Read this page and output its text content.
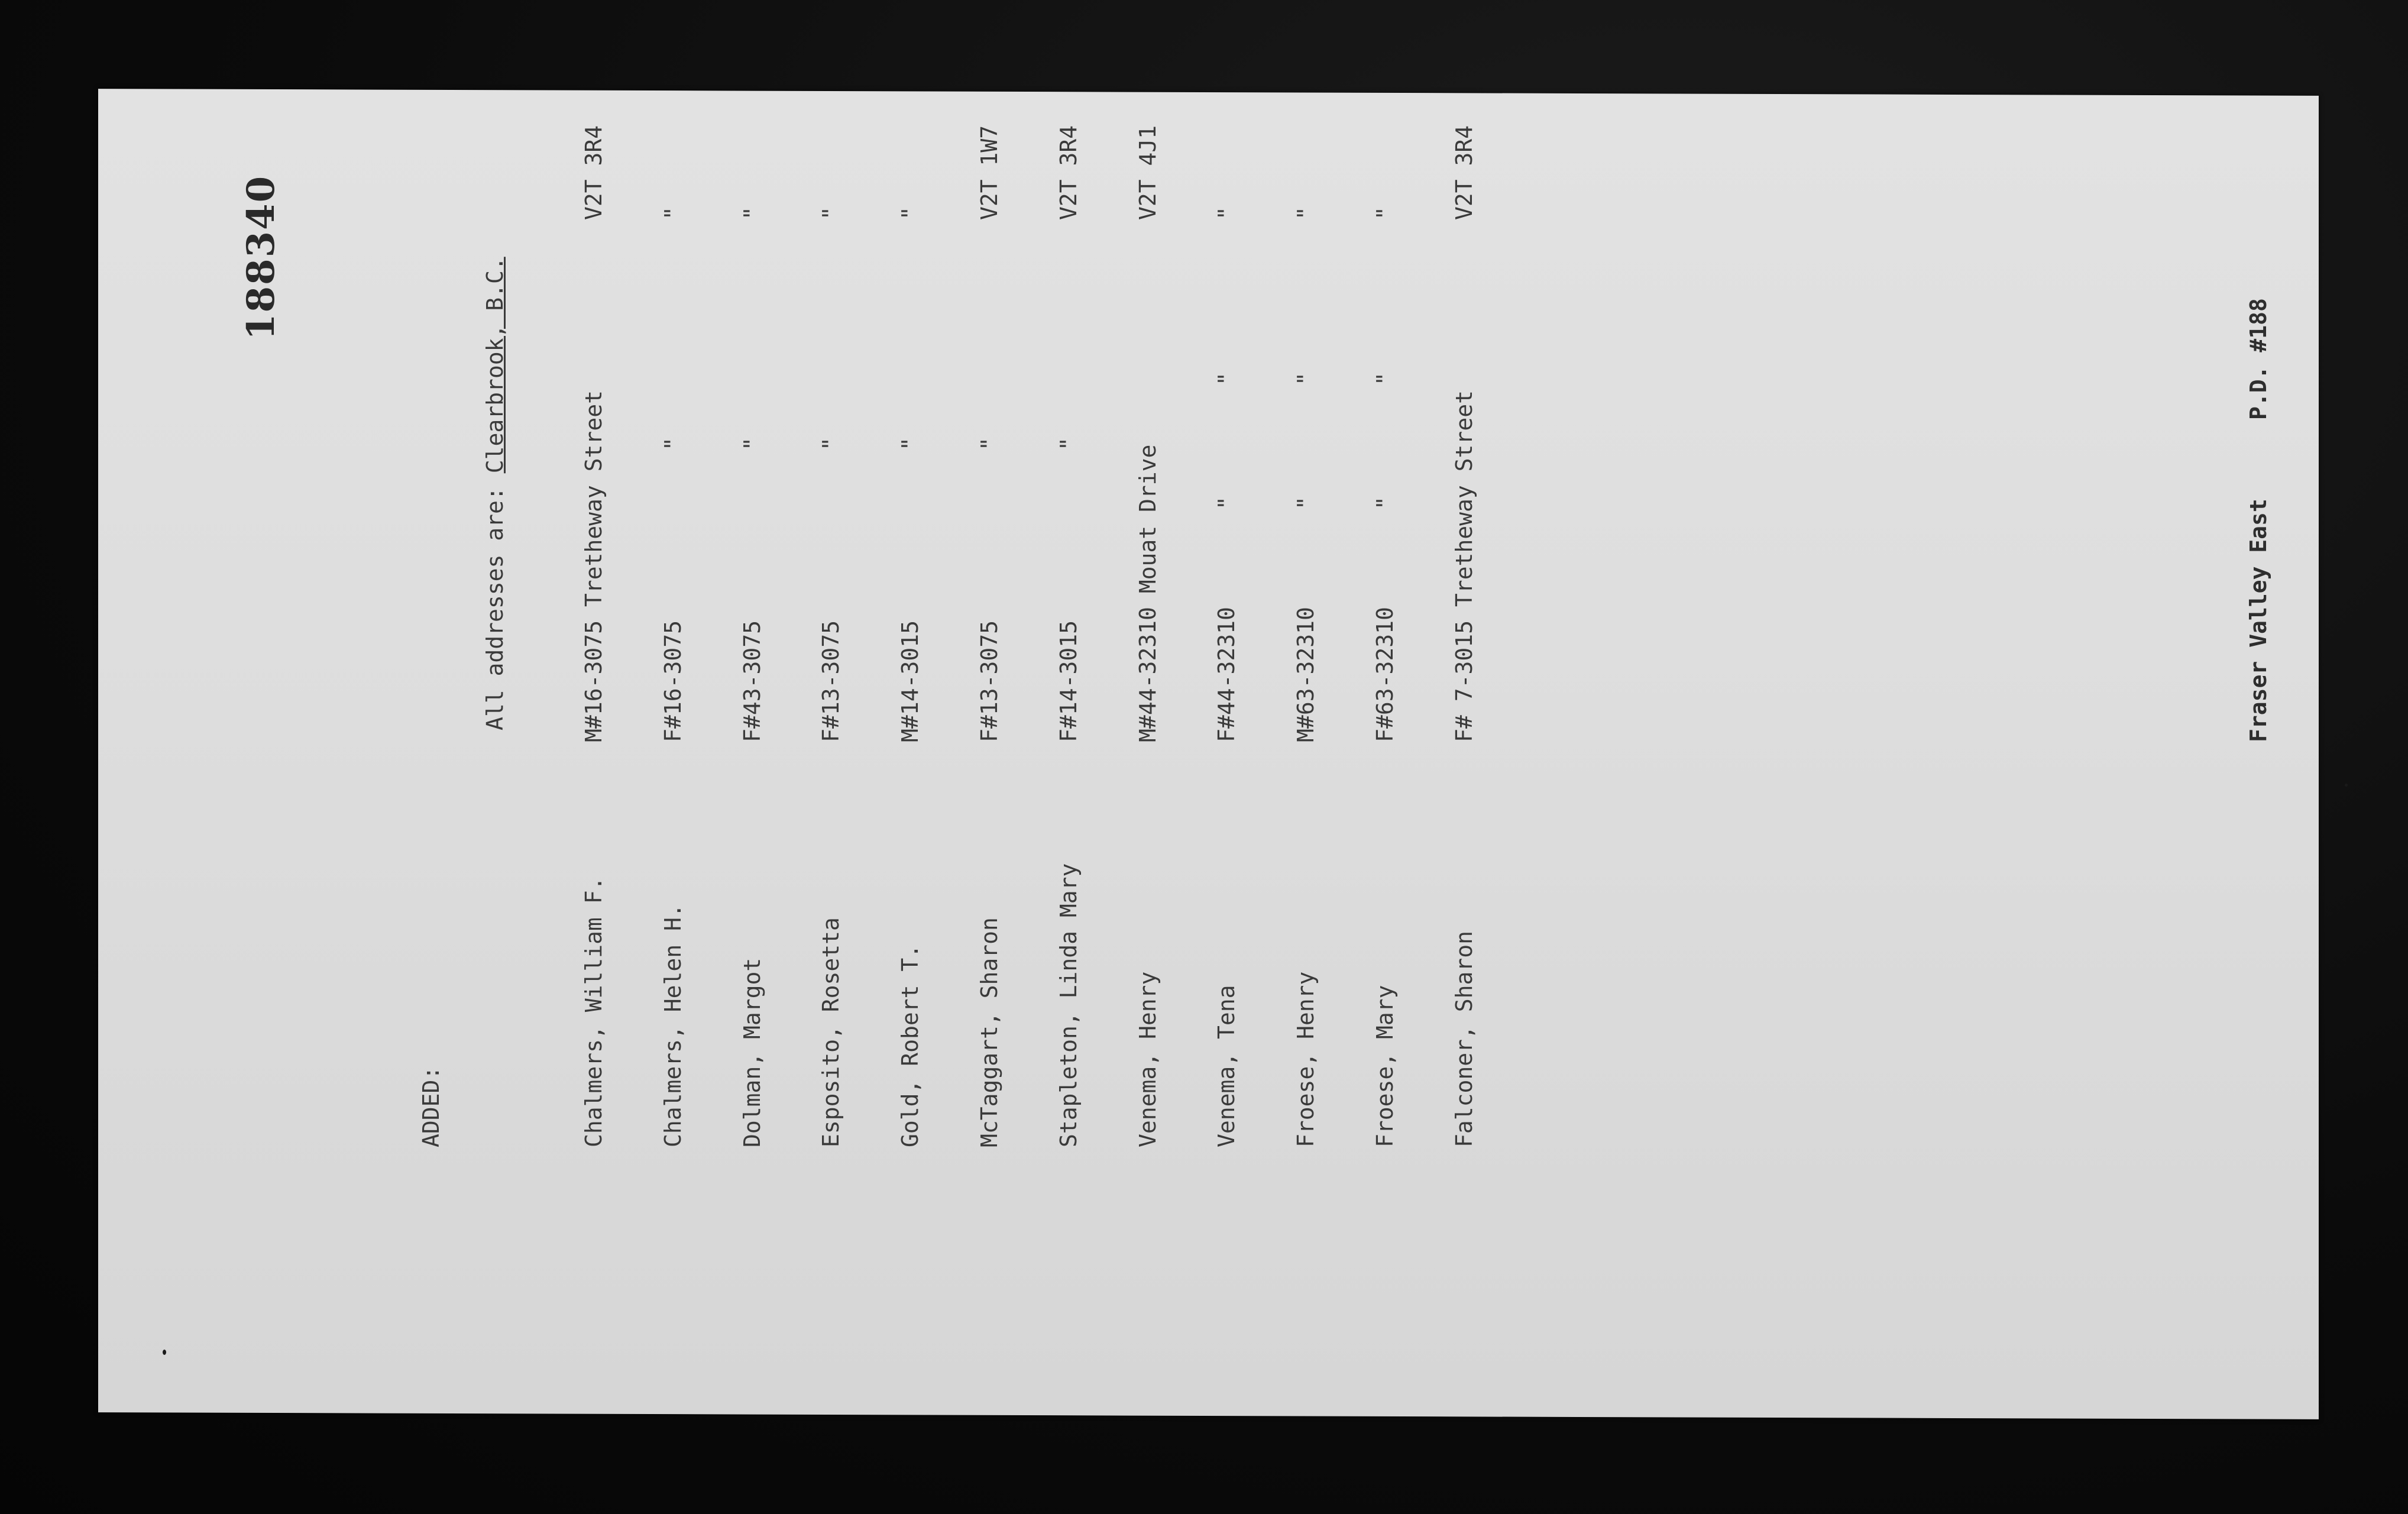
188340
ADDED:
All addresses are: Clearbrook, B.C.
Fraser Valley East
P.D. #188
Chalmers, William F.
M
#16-3075 Tretheway Street
V2T 3R4
Chalmers, Helen H.
F
#16-3075
"
"
Dolman, Margot
F
#43-3075
"
"
Esposito, Rosetta
F
#13-3075
"
"
Gold, Robert T.
M
#14-3015
"
"
McTaggart, Sharon
F
#13-3075
"
V2T 1W7
Stapleton, Linda Mary
F
#14-3015
"
V2T 3R4
Venema, Henry
M
#44-32310 Mouat Drive
V2T 4J1
Venema, Tena
F
#44-32310
"
"
"
Froese, Henry
M
#63-32310
"
"
"
Froese, Mary
F
#63-32310
"
"
"
Falconer, Sharon
F
# 7-3015 Tretheway Street
V2T 3R4
